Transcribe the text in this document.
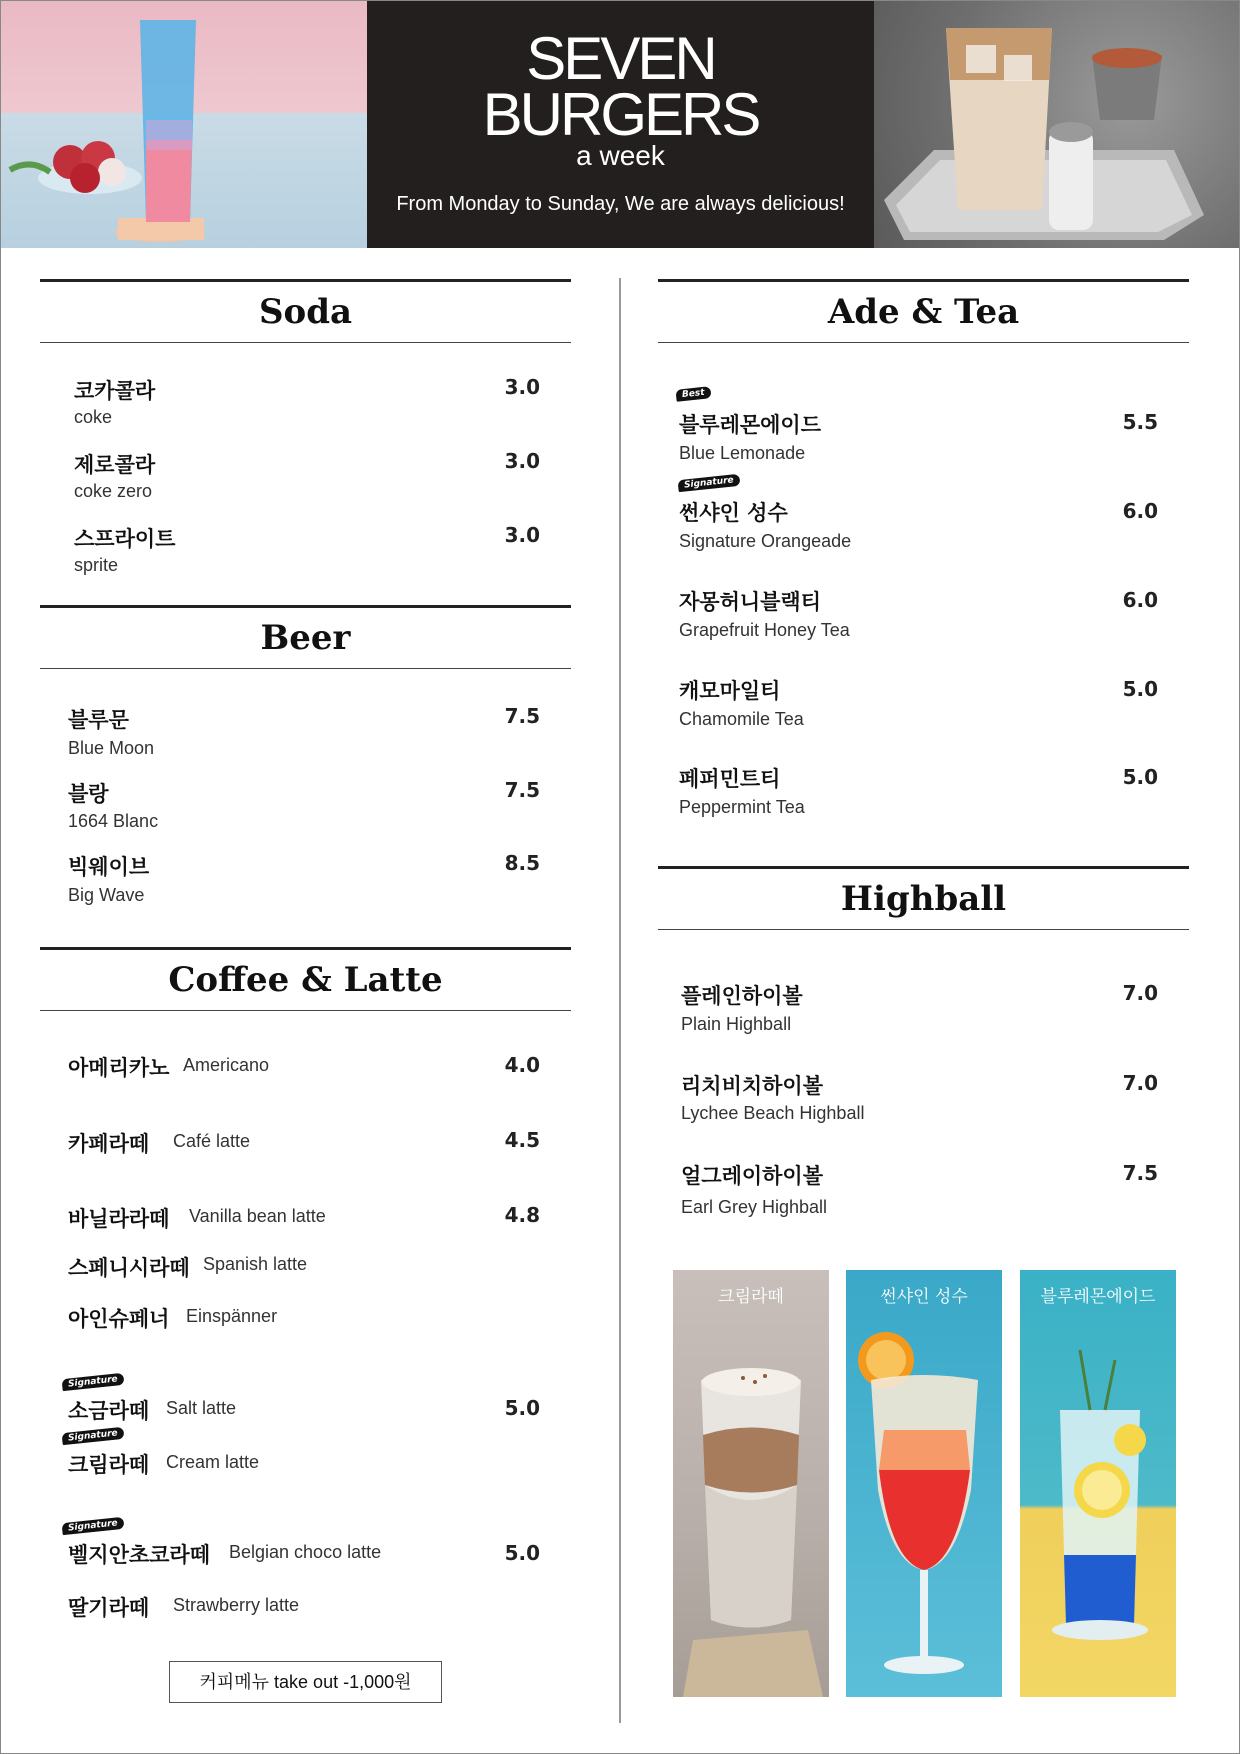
SEVEN
BURGERS
a week
From Monday to Sunday, We are always delicious!
Soda
코카콜라
coke
3.0
제로콜라
coke zero
3.0
스프라이트
sprite
3.0
Beer
블루문
Blue Moon
7.5
블랑
1664 Blanc
7.5
빅웨이브
Big Wave
8.5
Coffee & Latte
아메리카노 Americano	4.0
카페라떼 Café latte	4.5
바닐라라떼 Vanilla bean latte	4.8
스페니시라떼 Spanish latte
아인슈페너 Einspänner
Signature
소금라떼 Salt latte	5.0
Signature
크림라떼 Cream latte
Signature
벨지안초코라떼 Belgian choco latte	5.0
딸기라떼 Strawberry latte
커피메뉴 take out -1,000원
Ade & Tea
Best
블루레몬에이드
Blue Lemonade
5.5
Signature
썬샤인 성수
Signature Orangeade
6.0
자몽허니블랙티
Grapefruit Honey Tea
6.0
캐모마일티
Chamomile Tea
5.0
페퍼민트티
Peppermint Tea
5.0
Highball
플레인하이볼
Plain Highball
7.0
리치비치하이볼
Lychee Beach Highball
7.0
얼그레이하이볼
Earl Grey Highball
7.5
크림라떼	썬샤인 성수	블루레몬에이드
